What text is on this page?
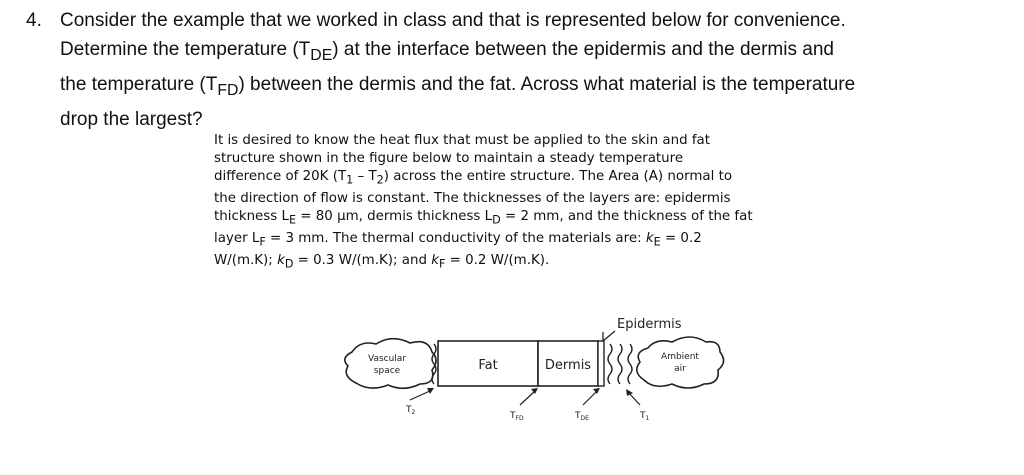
4. Consider the example that we worked in class and that is represented below for convenience.
Determine the temperature $(T_{DE})$ at the interface between the epidermis and the dermis and
the temperature $(T_{FD})$ between the dermis and the fat. Across what material is the temperature
drop the largest?
It is desired to know the heat flux that must be applied to the skin and fat
structure shown in the figure below to maintain a steady temperature
difference of 20K $(T_1 - T_2)$ across the entire structure. The Area (A) normal to
the direction of flow is constant. The thicknesses of the layers are: epidermis
thickness $L_E = 80$ μm, dermis thickness $L_D = 2$ mm, and the thickness of the fat
layer $L_F = 3$ mm. The thermal conductivity of the materials are: $k_E = 0.2$
W/(m.K); $k_D = 0.3$ W/(m.K); and $k_F = 0.2$ W/(m.K).
Vascular
space	Fat	Dermis
Epidermis
Ambient
air
$T_2$	$T_{FD}$	$T_{DE}$	$T_1$
